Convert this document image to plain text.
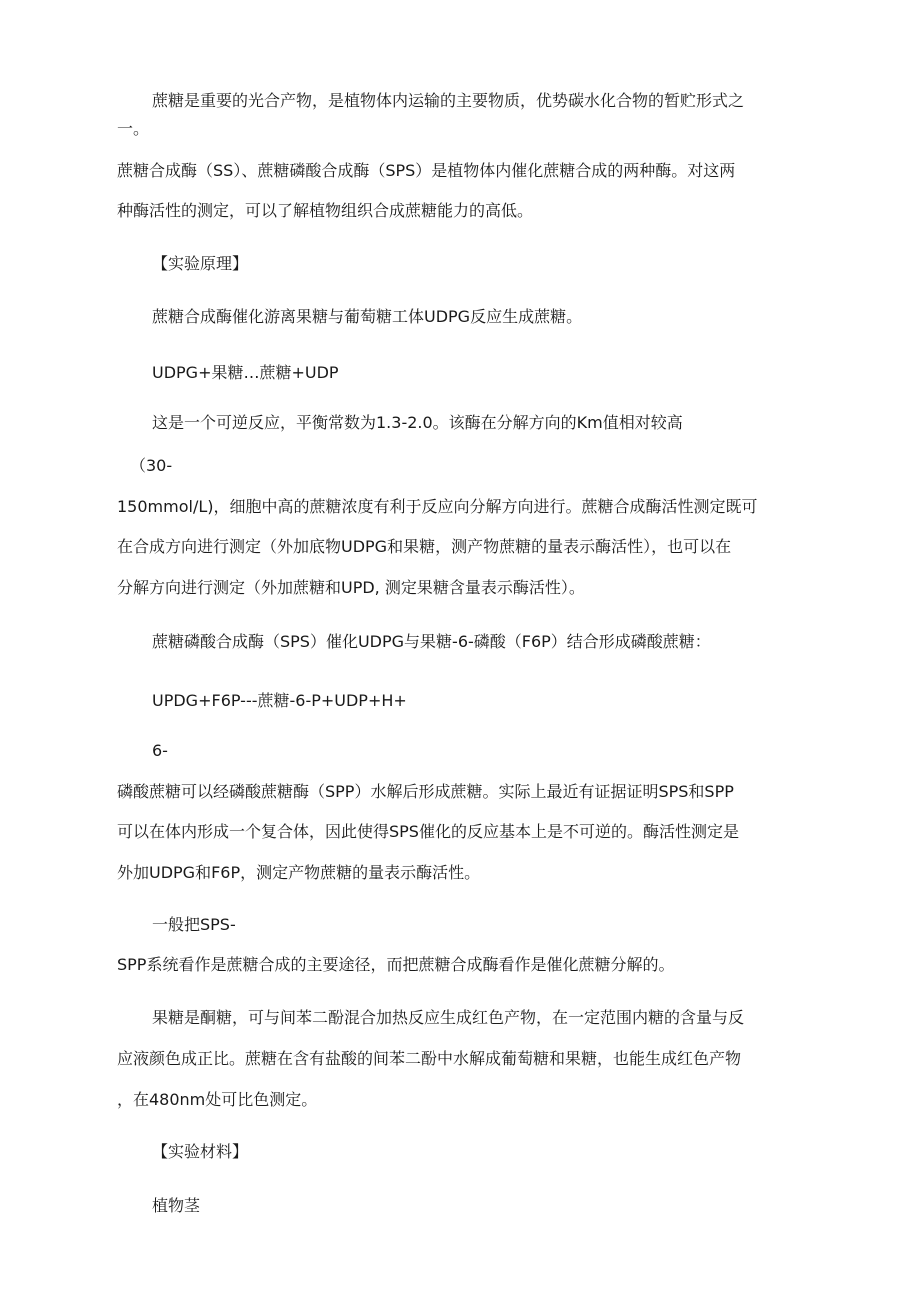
蔗糖是重要的光合产物，是植物体内运输的主要物质，优势碳水化合物的暂贮形式之
一。
蔗糖合成酶（SS）、蔗糖磷酸合成酶（SPS）是植物体内催化蔗糖合成的两种酶。对这两
种酶活性的测定，可以了解植物组织合成蔗糖能力的高低。
【实验原理】
蔗糖合成酶催化游离果糖与葡萄糖工体UDPG反应生成蔗糖。
UDPG+果糖…蔗糖+UDP
这是一个可逆反应，平衡常数为1.3-2.0。该酶在分解方向的Km值相对较高
（30-
150mmol/L)，细胞中高的蔗糖浓度有利于反应向分解方向进行。蔗糖合成酶活性测定既可
在合成方向进行测定（外加底物UDPG和果糖，测产物蔗糖的量表示酶活性），也可以在
分解方向进行测定（外加蔗糖和UPD, 测定果糖含量表示酶活性）。
蔗糖磷酸合成酶（SPS）催化UDPG与果糖-6-磷酸（F6P）结合形成磷酸蔗糖：
UPDG+F6P---蔗糖-6-P+UDP+H+
6-
磷酸蔗糖可以经磷酸蔗糖酶（SPP）水解后形成蔗糖。实际上最近有证据证明SPS和SPP
可以在体内形成一个复合体，因此使得SPS催化的反应基本上是不可逆的。酶活性测定是
外加UDPG和F6P，测定产物蔗糖的量表示酶活性。
一般把SPS-
SPP系统看作是蔗糖合成的主要途径，而把蔗糖合成酶看作是催化蔗糖分解的。
果糖是酮糖，可与间苯二酚混合加热反应生成红色产物，在一定范围内糖的含量与反
应液颜色成正比。蔗糖在含有盐酸的间苯二酚中水解成葡萄糖和果糖，也能生成红色产物
，在480nm处可比色测定。
【实验材料】
植物茎
